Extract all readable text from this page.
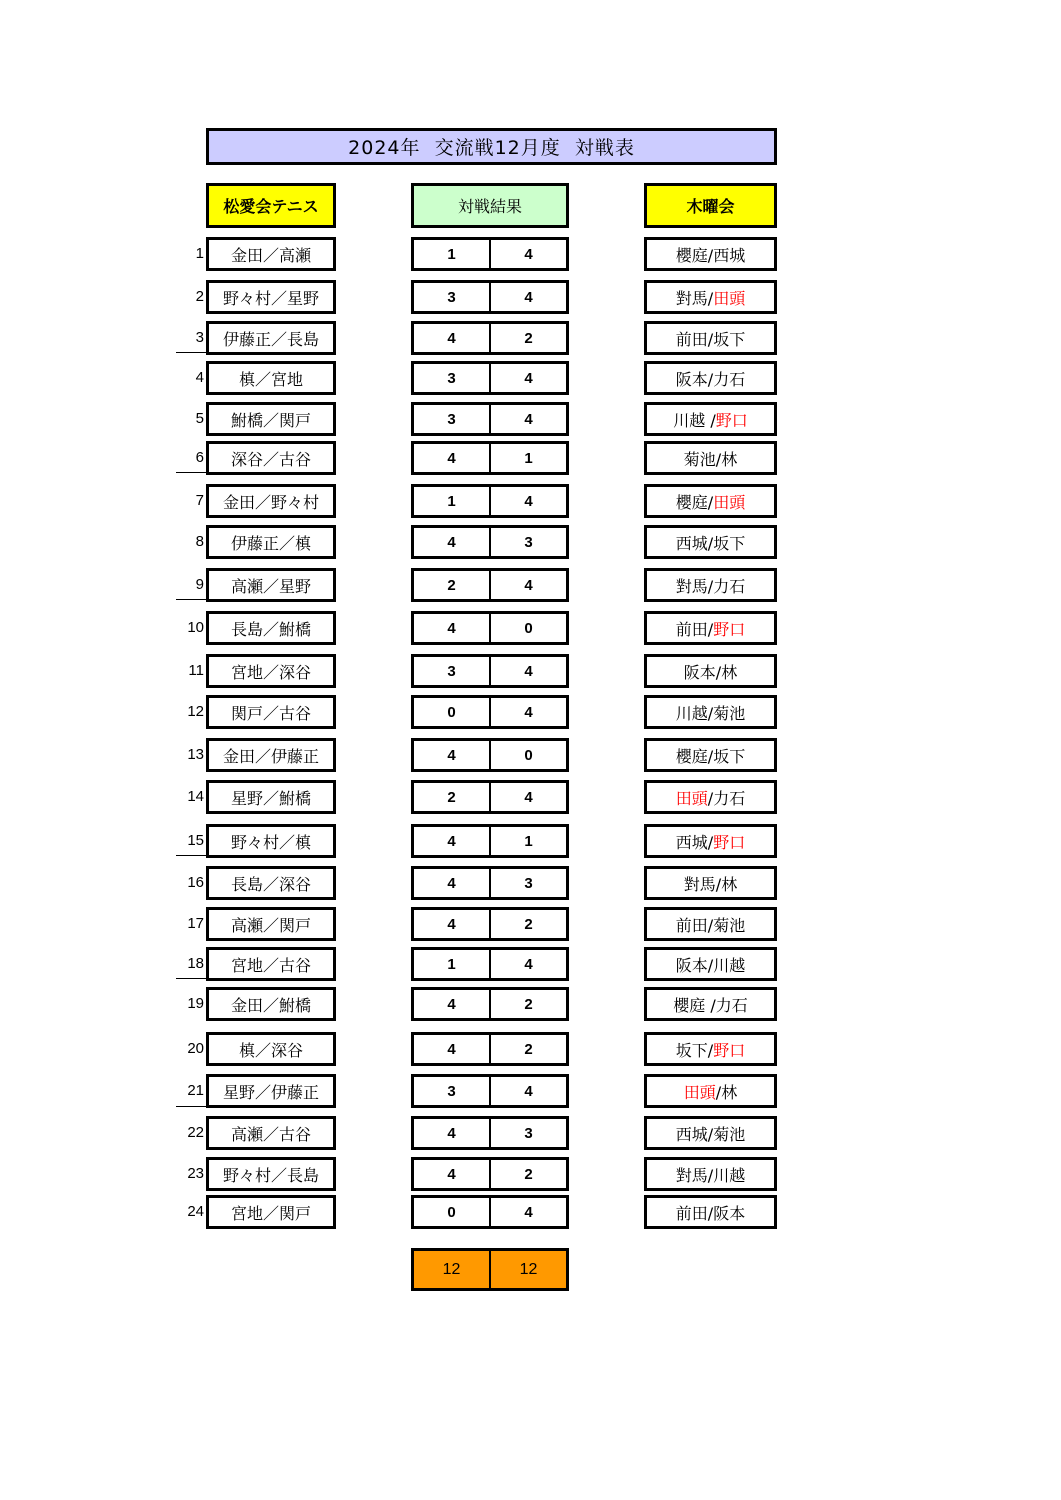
2024年  交流戦12月度  対戦表
松愛会テニス	対戦結果	木曜会
1	金田／高瀬	1	4	櫻庭/西城
2	野々村／星野	3	4	對馬/ 田頭
3	伊藤正／長島	4	2	前田/坂下
4	槙／宮地	3	4	阪本/力石
5	鮒橋／関戸	3	4	川越 / 野口
6	深谷／古谷	4	1	菊池/林
7	金田／野々村	1	4	櫻庭/ 田頭
8	伊藤正／槙	4	3	西城/坂下
9	高瀬／星野	2	4	對馬/力石
10	長島／鮒橋	4	0	前田/ 野口
11	宮地／深谷	3	4	阪本/林
12	関戸／古谷	0	4	川越/菊池
13	金田／伊藤正	4	0	櫻庭/坂下
14	星野／鮒橋	2	4	田頭 /力石
15	野々村／槙	4	1	西城/ 野口
16	長島／深谷	4	3	對馬/林
17	高瀬／関戸	4	2	前田/菊池
18	宮地／古谷	1	4	阪本/川越
19	金田／鮒橋	4	2	櫻庭 /力石
20	槙／深谷	4	2	坂下/ 野口
21	星野／伊藤正	3	4	田頭 /林
22	高瀬／古谷	4	3	西城/菊池
23	野々村／長島	4	2	對馬/川越
24	宮地／関戸	0	4	前田/阪本
12	12
